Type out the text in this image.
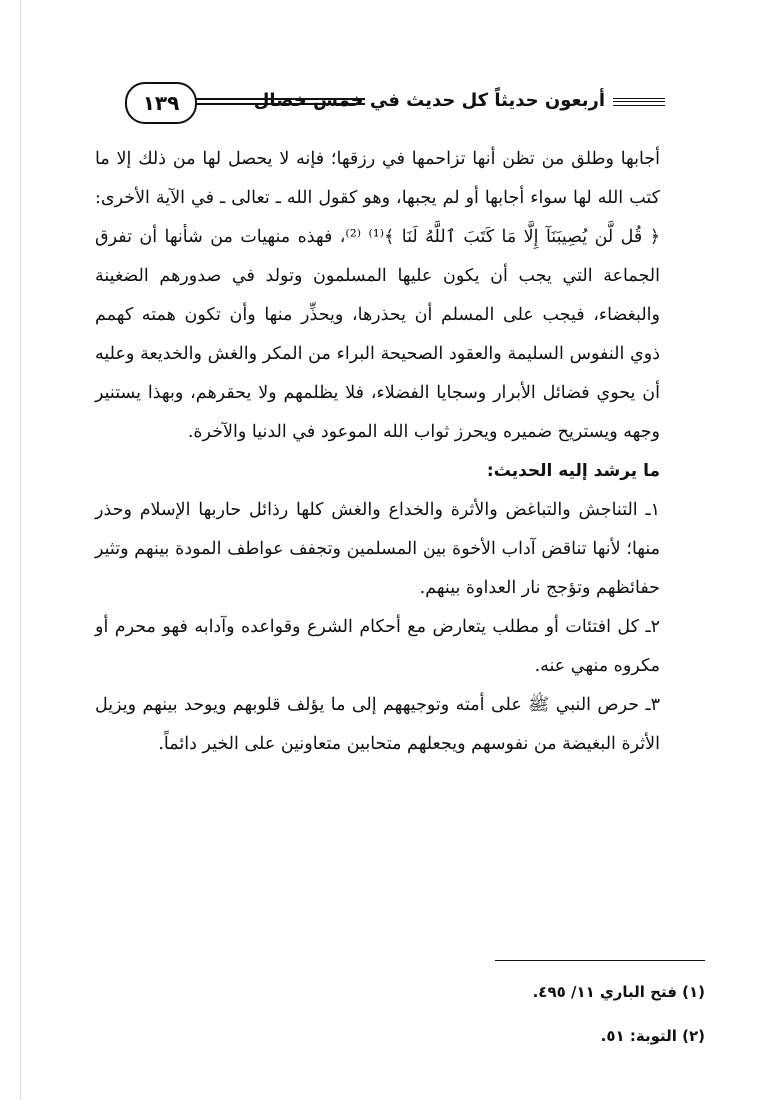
أربعون حديثاً كل حديث في خمس خصال
١٣٩

أجابها وطلق من تظن أنها تزاحمها في رزقها؛ فإنه لا يحصل لها من ذلك إلا ما كتب الله لها سواء أجابها أو لم يجبها، وهو كقول الله ـ تعالى ـ في الآية الأخرى: ﴿ قُل لَّن يُصِيبَنَآ إِلَّا مَا كَتَبَ ٱللَّهُ لَنَا ﴾⁽¹⁾ ⁽²⁾، فهذه منهيات من شأنها أن تفرق الجماعة التي يجب أن يكون عليها المسلمون وتولد في صدورهم الضغينة والبغضاء، فيجب على المسلم أن يحذرها، ويحذِّر منها وأن تكون همته كهمم ذوي النفوس السليمة والعقود الصحيحة البراء من المكر والغش والخديعة وعليه أن يحوي فضائل الأبرار وسجايا الفضلاء، فلا يظلمهم ولا يحقرهم، وبهذا يستنير وجهه ويستريح ضميره ويحرز ثواب الله الموعود في الدنيا والآخرة.

ما يرشد إليه الحديث:

١ـ التناجش والتباغض والأثرة والخداع والغش كلها رذائل حاربها الإسلام وحذر منها؛ لأنها تناقض آداب الأخوة بين المسلمين وتجفف عواطف المودة بينهم وتثير حفائظهم وتؤجج نار العداوة بينهم.

٢ـ كل افتئات أو مطلب يتعارض مع أحكام الشرع وقواعده وآدابه فهو محرم أو مكروه منهي عنه.

٣ـ حرص النبي ﷺ على أمته وتوجيههم إلى ما يؤلف قلوبهم ويوحد بينهم ويزيل الأثرة البغيضة من نفوسهم ويجعلهم متحابين متعاونين على الخير دائماً.

(١) فتح الباري ١١/ ٤٩٥.

(٢) التوبة: ٥١.
